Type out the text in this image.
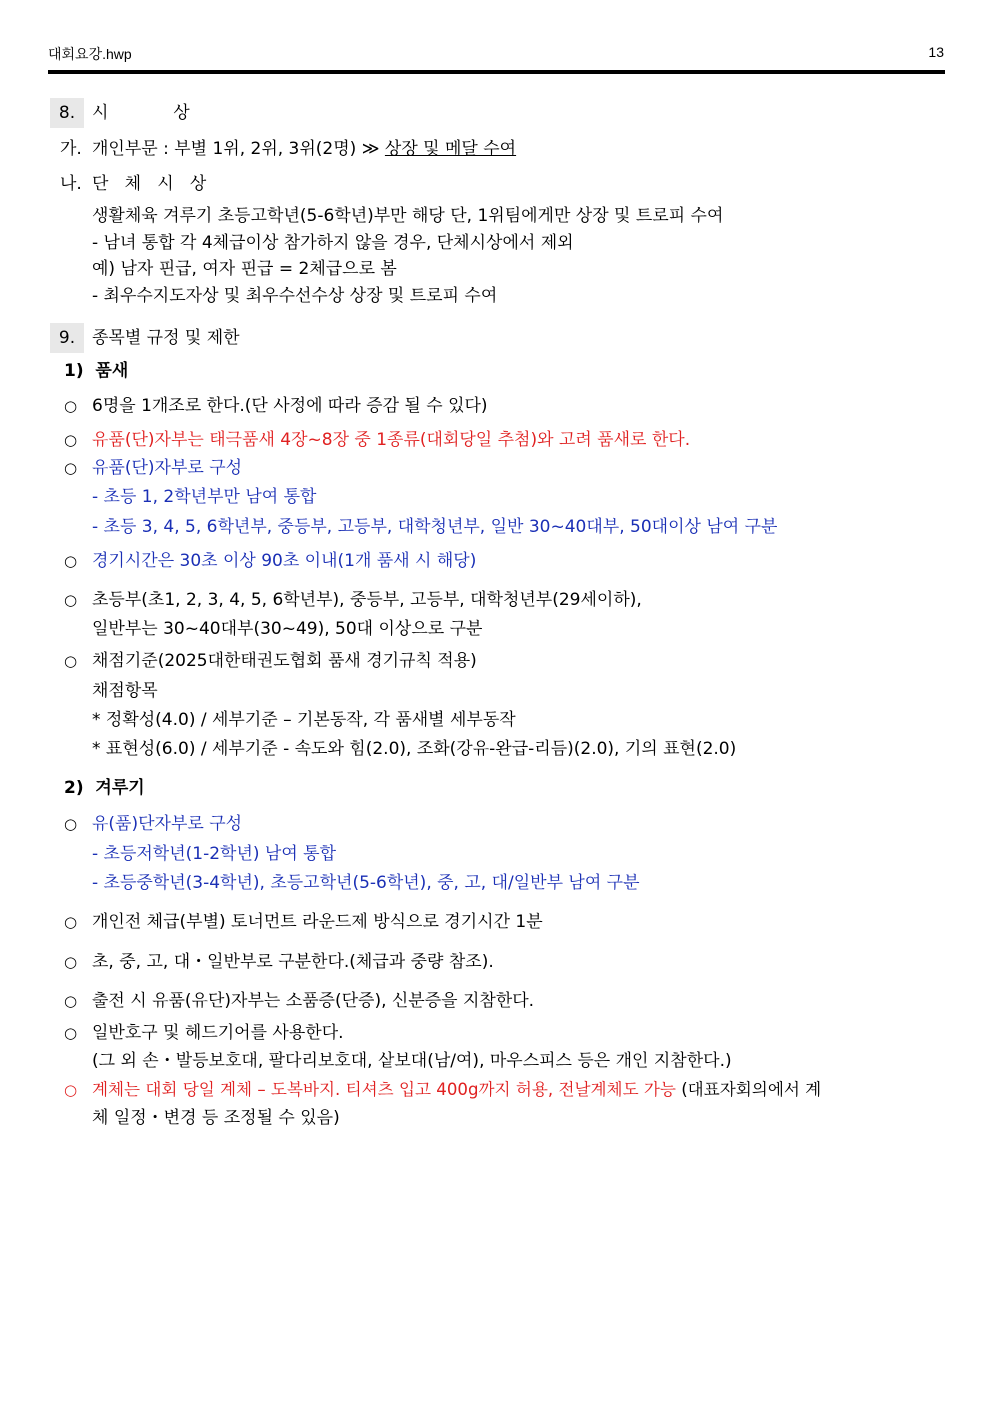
대회요강.hwp	13
8. 시            상
가. 개인부문 : 부별 1위, 2위, 3위(2명) ≫ 상장 및 메달 수여
나. 단   체   시   상
생활체육 겨루기 초등고학년(5-6학년)부만 해당 단, 1위팀에게만 상장 및 트로피 수여
- 남녀 통합 각 4체급이상 참가하지 않을 경우, 단체시상에서 제외
예) 남자 핀급, 여자 핀급 = 2체급으로 봄
- 최우수지도자상 및 최우수선수상 상장 및 트로피 수여
9. 종목별 규정 및 제한
1)  품새
○ 6명을 1개조로 한다.(단 사정에 따라 증감 될 수 있다)
○ 유품(단)자부는 태극품새 4장~8장 중 1종류(대회당일 추첨)와 고려 품새로 한다.
○ 유품(단)자부로 구성
- 초등 1, 2학년부만 남여 통합
- 초등 3, 4, 5, 6학년부, 중등부, 고등부, 대학청년부, 일반 30~40대부, 50대이상 남여 구분
○ 경기시간은 30초 이상 90초 이내(1개 품새 시 해당)
○ 초등부(초1, 2, 3, 4, 5, 6학년부), 중등부, 고등부, 대학청년부(29세이하),
일반부는 30~40대부(30~49), 50대 이상으로 구분
○ 채점기준(2025대한태권도협회 품새 경기규칙 적용)
채점항목
* 정확성(4.0) / 세부기준 – 기본동작, 각 품새별 세부동작
* 표현성(6.0) / 세부기준 - 속도와 힘(2.0), 조화(강유-완급-리듬)(2.0), 기의 표현(2.0)
2)  겨루기
○ 유(품)단자부로 구성
- 초등저학년(1-2학년) 남여 통합
- 초등중학년(3-4학년), 초등고학년(5-6학년), 중, 고, 대/일반부 남여 구분
○ 개인전 체급(부별) 토너먼트 라운드제 방식으로 경기시간 1분
○ 초, 중, 고, 대・일반부로 구분한다.(체급과 중량 참조).
○ 출전 시 유품(유단)자부는 소품증(단증), 신분증을 지참한다.
○ 일반호구 및 헤드기어를 사용한다.
(그 외 손・발등보호대, 팔다리보호대, 샅보대(남/여), 마우스피스 등은 개인 지참한다.)
○ 계체는 대회 당일 계체 – 도복바지. 티셔츠 입고 400g까지 허용, 전날계체도 가능 (대표자회의에서 계
체 일정・변경 등 조정될 수 있음)
